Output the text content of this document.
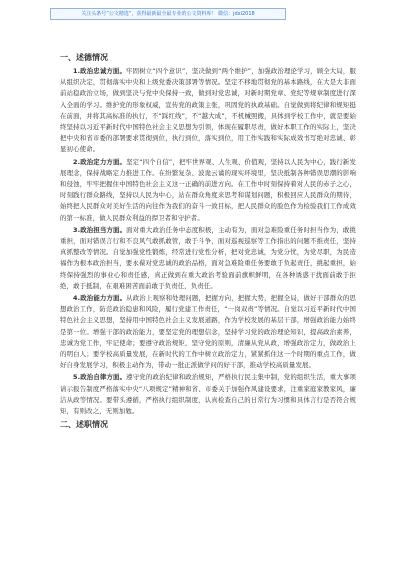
关注头条号“公文精选”，获得最新最全最专业的公文资料库！ 微信：jdxl2018
一、述德情况
1.政治忠诚方面。牢固树立“四个意识”，坚决做到“两个维护”，加强政治理论学习，顾全大局，服从组织决定，贯彻落实中央和上级党委决策部署等情况。坚定不移地贯彻党的基本路线，在大是大非面前站稳政治立场，做到坚决与党中央保持一致，做到对党忠诚，对新时期党章、党纪等规章制度进行深入全面的学习。维护党的形象权威，宣传党的政策主张，巩固党的执政基础。自觉做到将纪律和规矩挺在前面，并将其高标准的执行，不“踩红线”，不“越大成”，不机械照搬，具体到学校工作中，就是要始终坚持以习近平新时代中国特色社会主义思想为引领，体现在履职尽责，做好本职工作的实际上，坚决把中央和省市委的部署要求贯彻到位，执行到位，落实到位，用工作实践和实际成效书写绝对忠诚、彰显初心使命。
2.政治定力方面。坚定“四个自信”，把牢世界观、人生观、价值观，坚持以人民为中心，践行新发展理念，保持战略定力推进工作。在纷繁复杂、波诡云谲的现实环境里，坚决抵制各种错误思潮的影响和侵蚀，牢牢把握住中国特色社会主义这一正确的前进方向。在工作中时刻保持着对人民的赤子之心，时刻践行群众路线，坚持以人民为中心，站在群众角度来思考和谋划问题，积极回应人民群众的期待，始终把人民群众对美好生活的向往作为我们的奋斗一致目标，把人民群众的脸色作为检验我们工作成效的第一标准，做人民群众利益的捍卫者和守护者。
3.政治担当方面。面对重大政治任务中态度积极，主动有为，面对急难险重任务时担当作为，敢挑重担，面对错误言行和不良风气敢抓敢管，敢于斗争，面对巡视巡察等工作指出的问题不推责任，坚持真抓整改等情况。自觉加强党性锻炼，经常进行党性分析，把对党忠诚，为党分忧，为党尽职，为民造福作为根本政治担当，要永葆对党忠诚的政治品格，面对急难险重任务要敢于负起责任，挑起重担，始终保持强烈的事业心和责任感，真正做到在重大政治考验面前旗帜鲜明，在各种诱惑干扰面前敢于拒绝，敢于抵制，在艰难困苦面前敢于负责任，负责任。
4.政治能力方面。从政治上观察和处理问题，把握方向，把握大势，把握全局，做好干部群众的思想政治工作，防范政治隐患和风险，履行党建工作责任，“一岗双责”等情况。自觉以习近平新时代中国特色社会主义思想，坚持用中国特色社会主义发展道路，作为学校发展的基层干部，增强政治能力始终是第一位。增强干部的政治能力，要坚定党的理想信念，坚持学习党的政治理论知识，提高政治素养，忠诚为党工作，牢记使命；要遵守政治规矩，坚守党的原则，清廉从党从政，增强政治定力，做政治上的明白人；要学校高质量发展，在新时代的工作中树立政治定力，紧紧抓住这一个时期的重点工作，做好自身发展学习，积极主动作为，带动一批正派做学问的好干部，推动学校高质量发展。
5.政治自律方面。遵守党的政治纪律和政治规矩，严格执行民主集中制，党的组织生活，重大事项请示报告制度严格落实中央“八项规定”精神和省、市委关于加强作风建设要求，注重家庭家教家风，廉洁从政等情况。要带头遵循，严格执行组织制度，认真检查自己的日常行为习惯和具体言行是否符合规矩，有则改之，无则加勉。
二、述职情况
